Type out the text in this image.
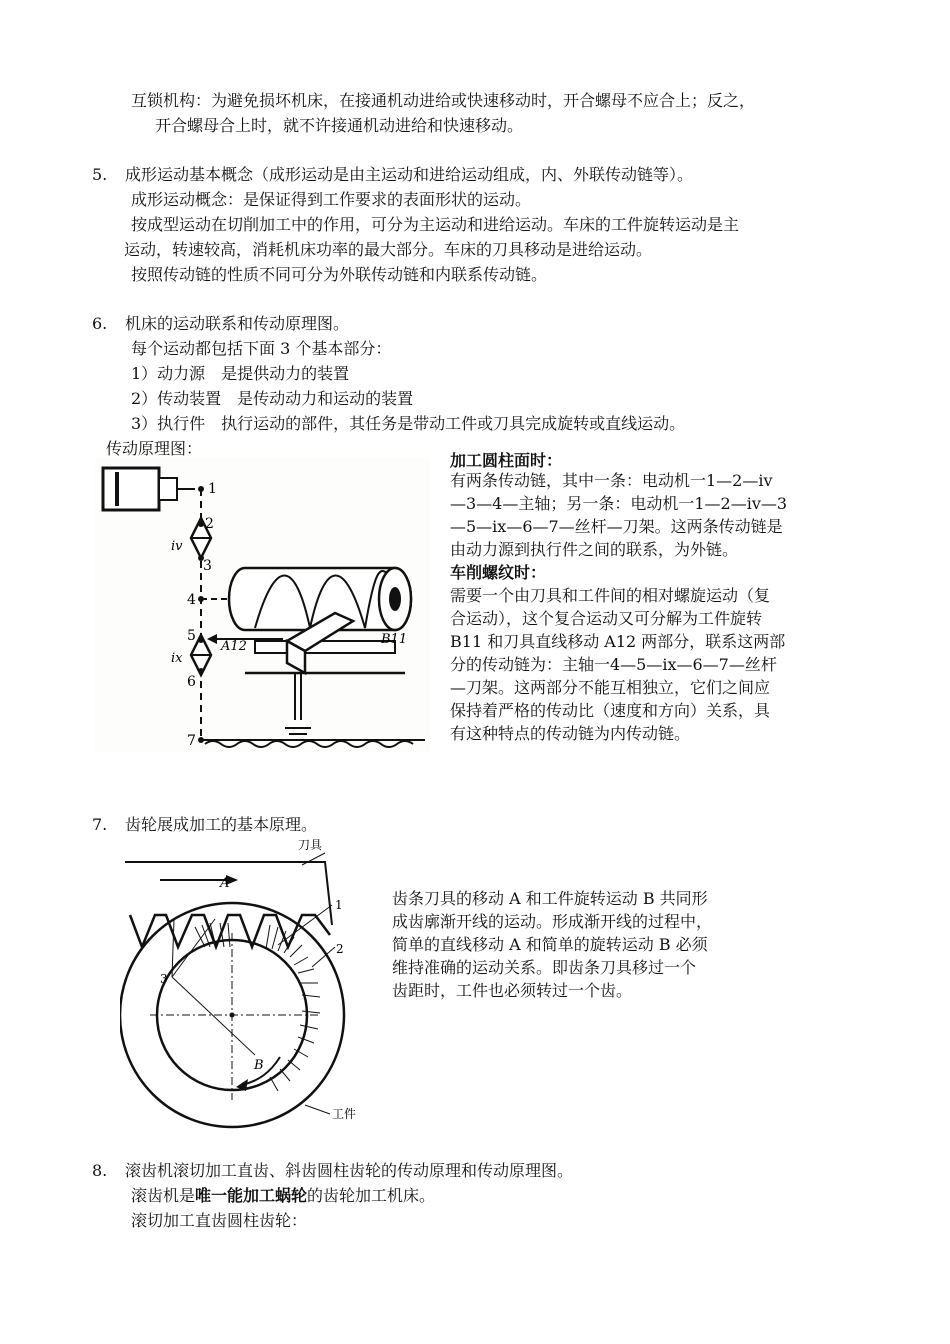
互锁机构：为避免损坏机床，在接通机动进给或快速移动时，开合螺母不应合上；反之，
开合螺母合上时，就不许接通机动进给和快速移动。
5. 成形运动基本概念（成形运动是由主运动和进给运动组成，内、外联传动链等）。
成形运动概念：是保证得到工作要求的表面形状的运动。
按成型运动在切削加工中的作用，可分为主运动和进给运动。车床的工件旋转运动是主
运动，转速较高，消耗机床功率的最大部分。车床的刀具移动是进给运动。
按照传动链的性质不同可分为外联传动链和内联系传动链。
6. 机床的运动联系和传动原理图。
每个运动都包括下面 3 个基本部分：
1）动力源　是提供动力的装置
2）传动装置　是传动动力和运动的装置
3）执行件　执行运动的部件，其任务是带动工件或刀具完成旋转或直线运动。
传动原理图：
1
2
3
4
5
6
7
iv
ix
A12	B11
加工圆柱面时：
有两条传动链，其中一条：电动机一1—2—iv
—3—4—主轴；另一条：电动机一1—2—iv—3
—5—ix—6—7—丝杆—刀架。这两条传动链是
由动力源到执行件之间的联系，为外链。
车削螺纹时：
需要一个由刀具和工件间的相对螺旋运动（复
合运动），这个复合运动又可分解为工件旋转
B11 和刀具直线移动 A12 两部分，联系这两部
分的传动链为：主轴一4—5—ix—6—7—丝杆
—刀架。这两部分不能互相独立，它们之间应
保持着严格的传动比（速度和方向）关系，具
有这种特点的传动链为内传动链。
7. 齿轮展成加工的基本原理。
刀具
工件
A
B
1
2
3
齿条刀具的移动 A 和工件旋转运动 B 共同形
成齿廓渐开线的运动。形成渐开线的过程中，
简单的直线移动 A 和简单的旋转运动 B 必须
维持准确的运动关系。即齿条刀具移过一个
齿距时，工件也必须转过一个齿。
8. 滚齿机滚切加工直齿、斜齿圆柱齿轮的传动原理和传动原理图。
滚齿机是唯一能加工蜗轮的齿轮加工机床。
滚切加工直齿圆柱齿轮：
